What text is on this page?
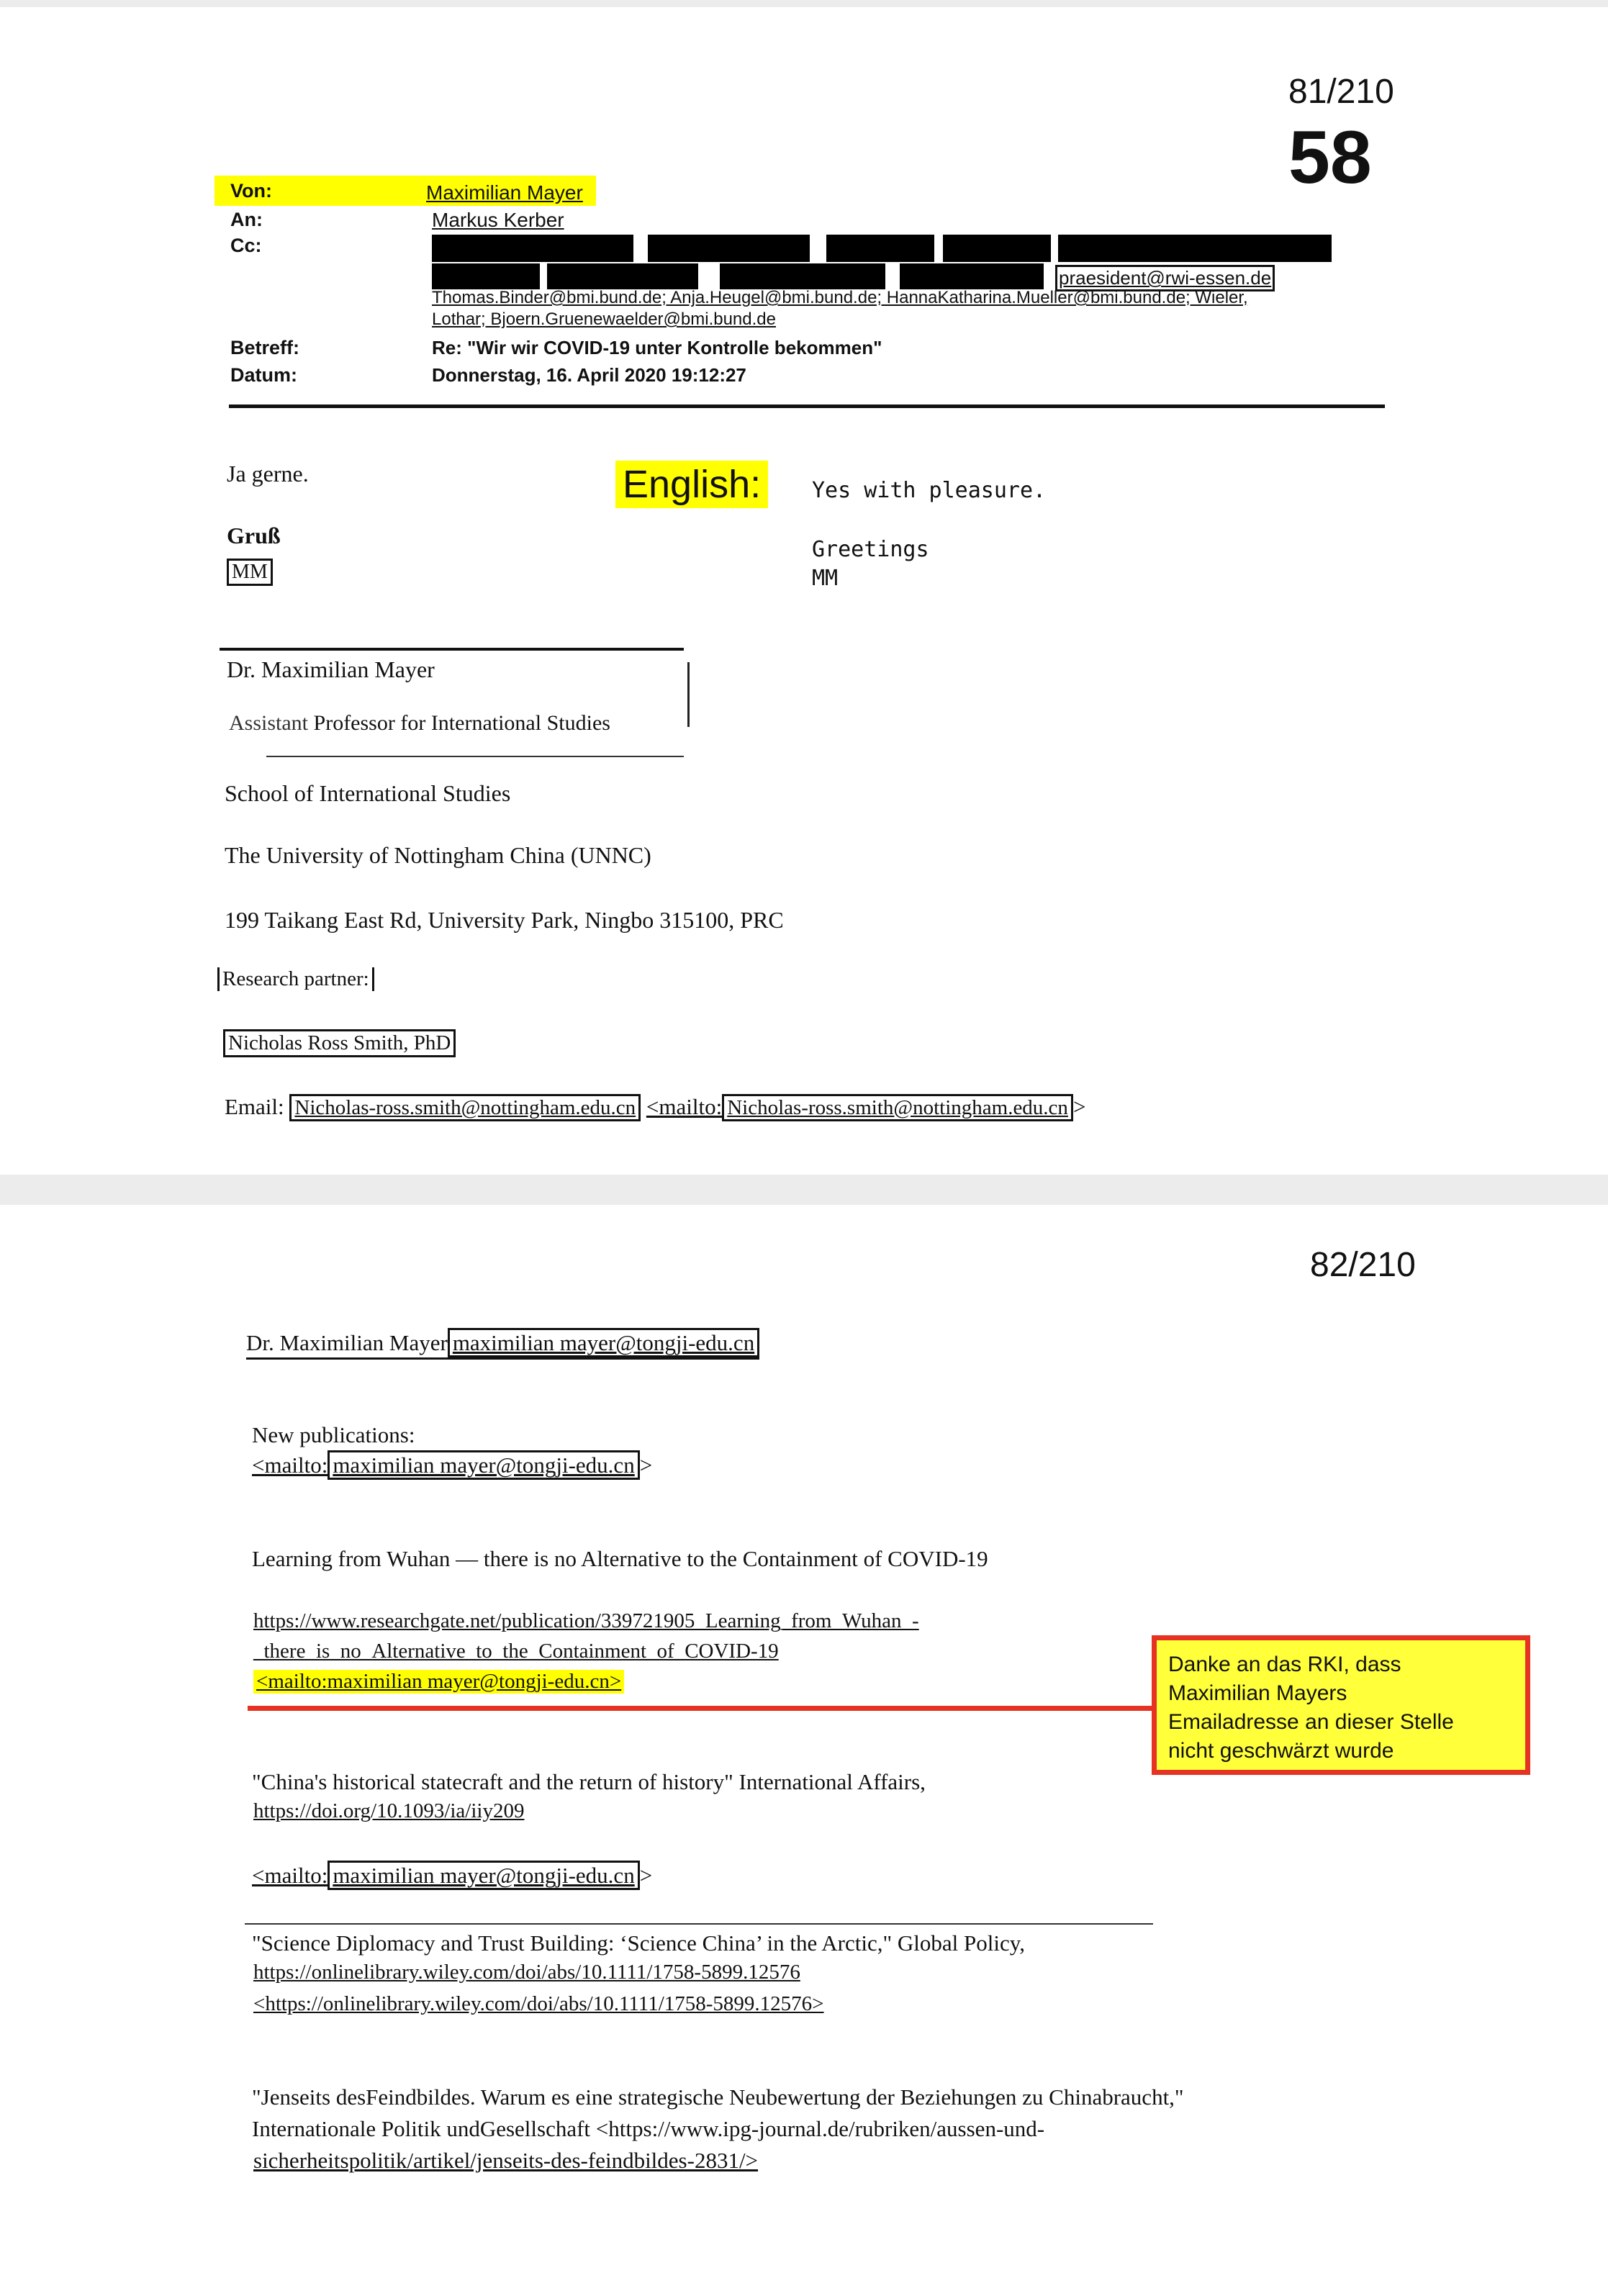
81/210
58
Von:	Maximilian Mayer
An:	Markus Kerber
Cc:
praesident@rwi-essen.de
Thomas.Binder@bmi.bund.de; Anja.Heugel@bmi.bund.de; HannaKatharina.Mueller@bmi.bund.de; Wieler,
Lothar; Bjoern.Gruenewaelder@bmi.bund.de
Betreff:	Re: "Wir wir COVID-19 unter Kontrolle bekommen"
Datum:	Donnerstag, 16. April 2020 19:12:27
Ja gerne.
Gruß
MM
English:	Yes with pleasure.
Greetings
MM
Dr. Maximilian Mayer
Assistant Professor for International Studies
School of International Studies
The University of Nottingham China (UNNC)
199 Taikang East Rd, University Park, Ningbo 315100, PRC
Research partner:
Nicholas Ross Smith, PhD
Email: Nicholas-ross.smith@nottingham.edu.cn <mailto: Nicholas-ross.smith@nottingham.edu.cn >
82/210
Dr. Maximilian Mayer maximilian mayer@tongji-edu.cn
New publications:
<mailto: maximilian mayer@tongji-edu.cn >
Learning from Wuhan — there is no Alternative to the Containment of COVID-19
https://www.researchgate.net/publication/339721905_Learning_from_Wuhan_-
_there_is_no_Alternative_to_the_Containment_of_COVID-19
<mailto:maximilian mayer@tongji-edu.cn>
Danke an das RKI, dass
Maximilian Mayers
Emailadresse an dieser Stelle
nicht geschwärzt wurde
"China's historical statecraft and the return of history" International Affairs,
https://doi.org/10.1093/ia/iiy209
<mailto: maximilian mayer@tongji-edu.cn >
"Science Diplomacy and Trust Building: ‘Science China’ in the Arctic," Global Policy,
https://onlinelibrary.wiley.com/doi/abs/10.1111/1758-5899.12576
<https://onlinelibrary.wiley.com/doi/abs/10.1111/1758-5899.12576>
"Jenseits desFeindbildes. Warum es eine strategische Neubewertung der Beziehungen zu Chinabraucht,"
Internationale Politik undGesellschaft <https://www.ipg-journal.de/rubriken/aussen-und-
sicherheitspolitik/artikel/jenseits-des-feindbildes-2831/>
